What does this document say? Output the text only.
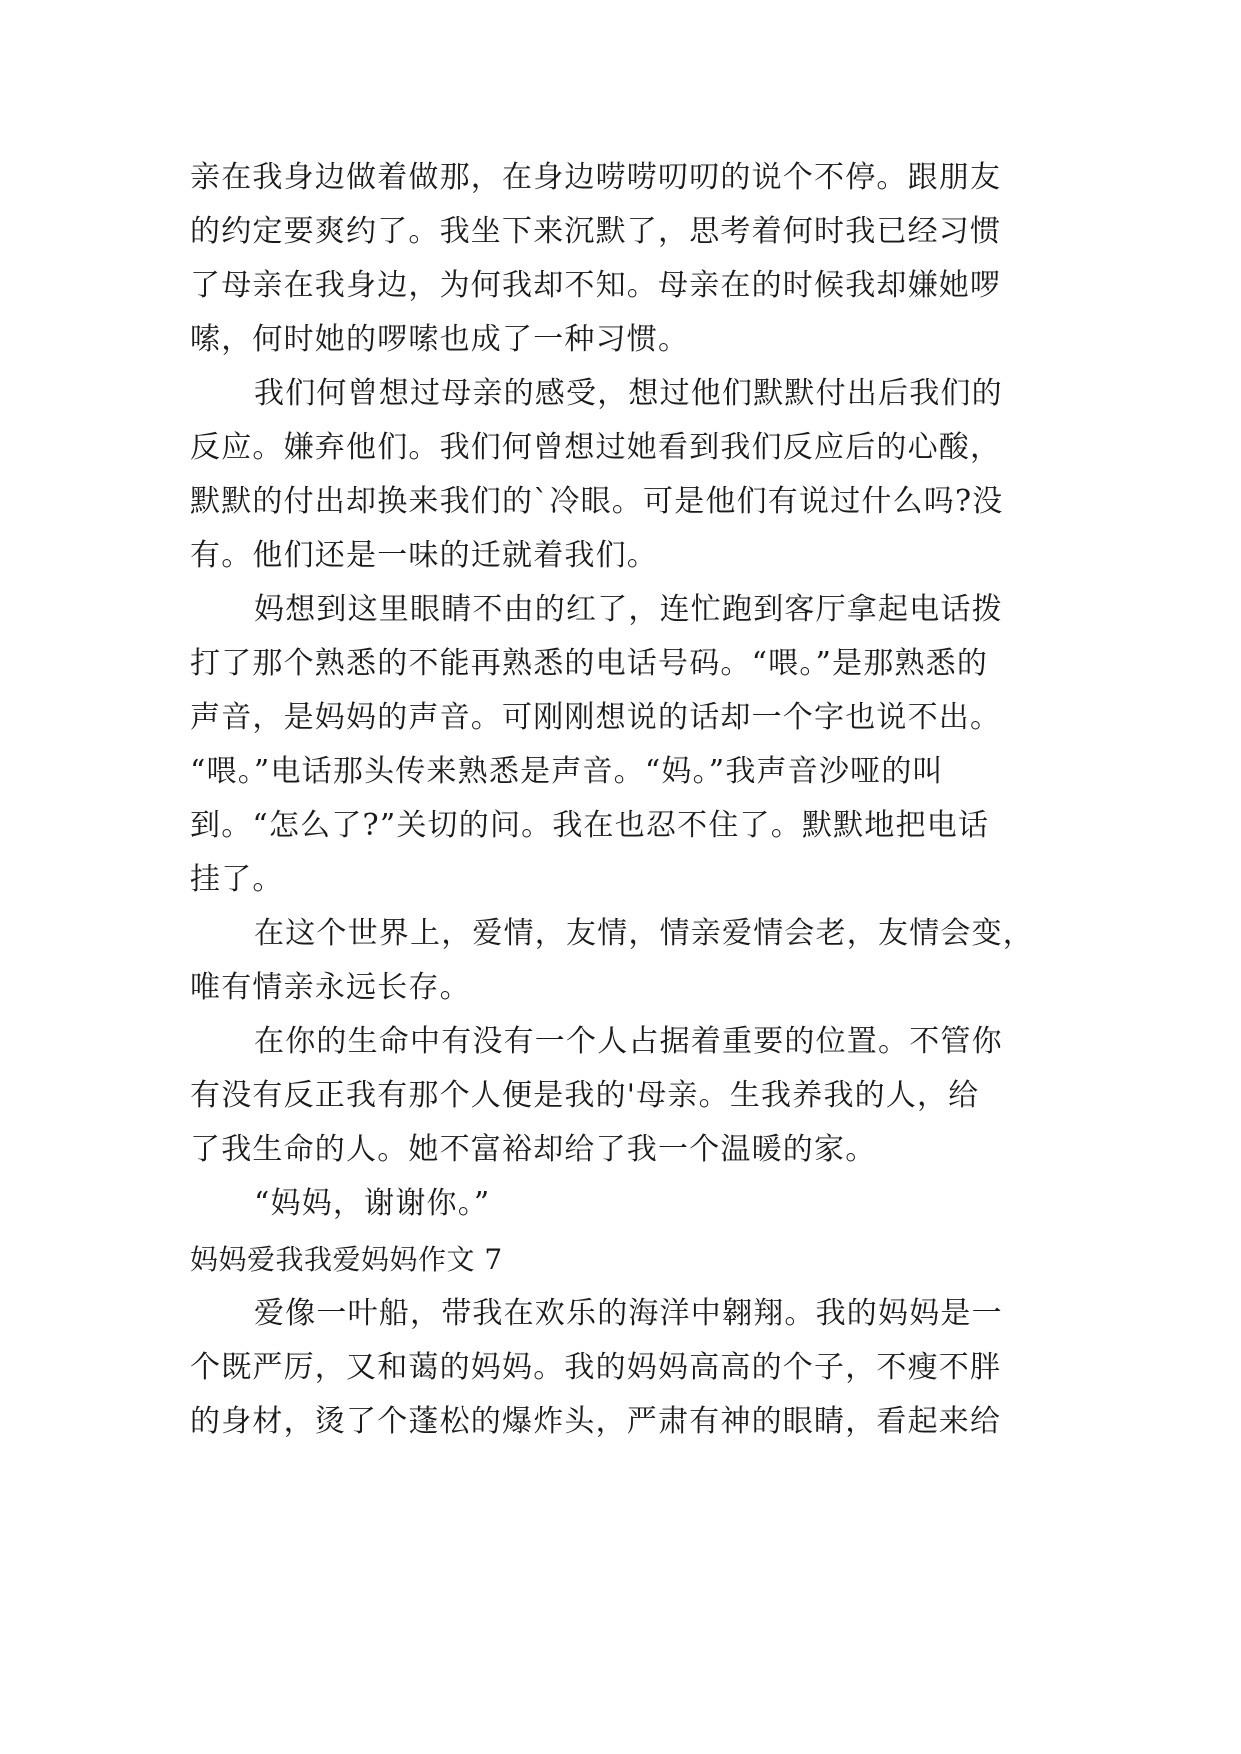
亲在我身边做着做那，在身边唠唠叨叨的说个不停。跟朋友
的约定要爽约了。我坐下来沉默了，思考着何时我已经习惯
了母亲在我身边，为何我却不知。母亲在的时候我却嫌她啰
嗦，何时她的啰嗦也成了一种习惯。
我们何曾想过母亲的感受，想过他们默默付出后我们的
反应。嫌弃他们。我们何曾想过她看到我们反应后的心酸，
默默的付出却换来我们的`冷眼。可是他们有说过什么吗?没
有。他们还是一味的迁就着我们。
妈想到这里眼睛不由的红了，连忙跑到客厅拿起电话拨
打了那个熟悉的不能再熟悉的电话号码。“喂。”是那熟悉的
声音，是妈妈的声音。可刚刚想说的话却一个字也说不出。
“喂。”电话那头传来熟悉是声音。“妈。”我声音沙哑的叫
到。“怎么了?”关切的问。我在也忍不住了。默默地把电话
挂了。
在这个世界上，爱情，友情，情亲爱情会老，友情会变，
唯有情亲永远长存。
在你的生命中有没有一个人占据着重要的位置。不管你
有没有反正我有那个人便是我的'母亲。生我养我的人，给
了我生命的人。她不富裕却给了我一个温暖的家。
“妈妈，谢谢你。”
妈妈爱我我爱妈妈作文 7
爱像一叶船，带我在欢乐的海洋中翱翔。我的妈妈是一
个既严厉，又和蔼的妈妈。我的妈妈高高的个子，不瘦不胖
的身材，烫了个蓬松的爆炸头，严肃有神的眼睛，看起来给
